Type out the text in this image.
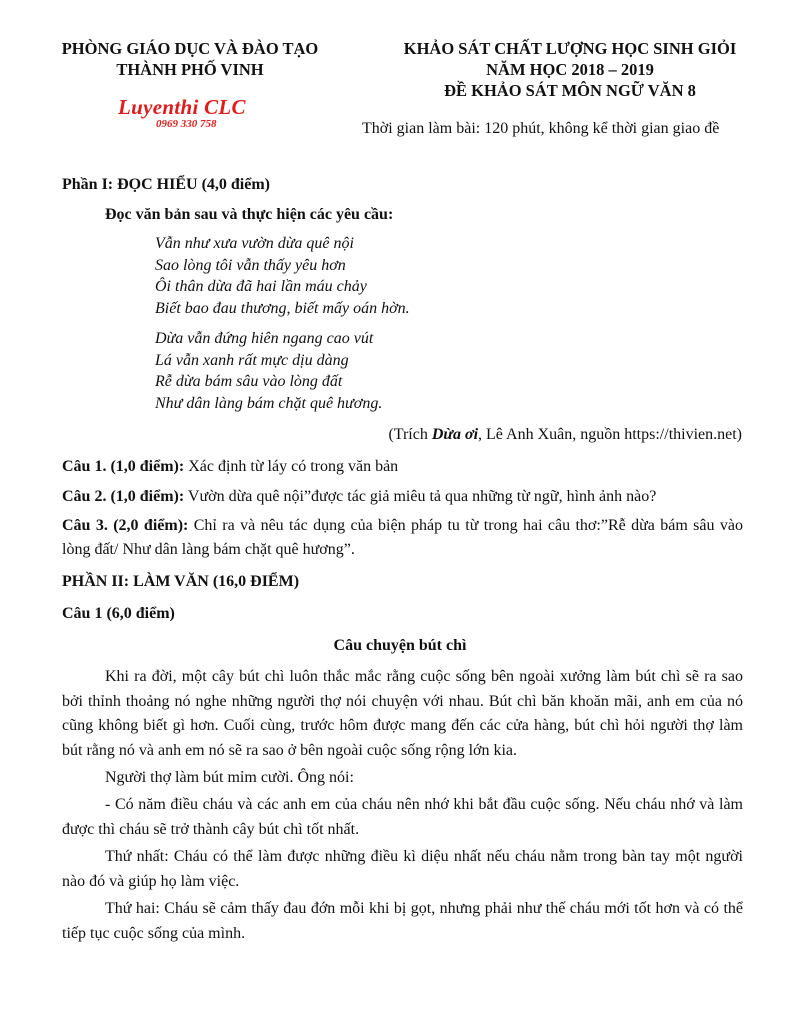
PHÒNG GIÁO DỤC VÀ ĐÀO TẠO
THÀNH PHỐ VINH
Luyenthi CLC
0969 330 758
KHẢO SÁT CHẤT LƯỢNG HỌC SINH GIỎI
NĂM HỌC 2018 – 2019
ĐỀ KHẢO SÁT MÔN NGỮ VĂN 8
Thời gian làm bài: 120 phút, không kể thời gian giao đề
Phần I: ĐỌC HIỂU (4,0 điểm)
Đọc văn bản sau và thực hiện các yêu cầu:
Vẫn như xưa vườn dừa quê nội
Sao lòng tôi vẫn thấy yêu hơn
Ôi thân dừa đã hai lần máu chảy
Biết bao đau thương, biết mấy oán hờn.
Dừa vẫn đứng hiên ngang cao vút
Lá vẫn xanh rất mực dịu dàng
Rễ dừa bám sâu vào lòng đất
Như dân làng bám chặt quê hương.
(Trích Dừa ơi, Lê Anh Xuân, nguồn https://thivien.net)
Câu 1. (1,0 điểm): Xác định từ láy có trong văn bản
Câu 2. (1,0 điểm): Vườn dừa quê nội”được tác giả miêu tả qua những từ ngữ, hình ảnh nào?
Câu 3. (2,0 điểm): Chỉ ra và nêu tác dụng của biện pháp tu từ trong hai câu thơ:”Rễ dừa bám sâu vào lòng đất/ Như dân làng bám chặt quê hương”.
PHẦN II: LÀM VĂN (16,0 ĐIỂM)
Câu 1 (6,0 điểm)
Câu chuyện bút chì
Khi ra đời, một cây bút chì luôn thắc mắc rằng cuộc sống bên ngoài xưởng làm bút chì sẽ ra sao bởi thỉnh thoảng nó nghe những người thợ nói chuyện với nhau. Bút chì băn khoăn mãi, anh em của nó cũng không biết gì hơn. Cuối cùng, trước hôm được mang đến các cửa hàng, bút chì hỏi người thợ làm bút rằng nó và anh em nó sẽ ra sao ở bên ngoài cuộc sống rộng lớn kia.
Người thợ làm bút mỉm cười. Ông nói:
- Có năm điều cháu và các anh em của cháu nên nhớ khi bắt đầu cuộc sống. Nếu cháu nhớ và làm được thì cháu sẽ trở thành cây bút chì tốt nhất.
Thứ nhất: Cháu có thể làm được những điều kì diệu nhất nếu cháu nằm trong bàn tay một người nào đó và giúp họ làm việc.
Thứ hai: Cháu sẽ cảm thấy đau đớn mỗi khi bị gọt, nhưng phải như thế cháu mới tốt hơn và có thể tiếp tục cuộc sống của mình.
